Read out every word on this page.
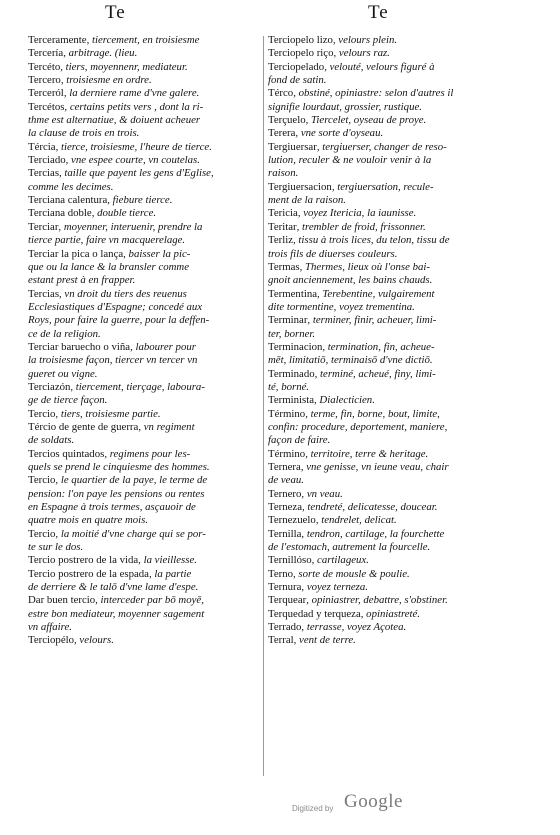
Te	Te
Terceramente, tiercement, en troisiesme
Tercería, arbitrage. (lieu.
Tercéto, tiers, moyennenr, mediateur.
Tercero, troisiesme en ordre.
Terceról, la derniere rame d'vne galere.
Tercétos, certains petits vers , dont la ri-
thme est alternatiue, & doiuent acheuer
la clause de trois en trois.
Tércia, tierce, troisiesme, l'heure de tierce.
Terciado, vne espee courte, vn coutelas.
Tercias, taille que payent les gens d'Eglise,
comme les decimes.
Terciana calentura, fiebure tierce.
Terciana doble, double tierce.
Terciar, moyenner, interuenir, prendre la
tierce partie, faire vn macquerelage.
Terciar la pica o lança, baisser la pic-
que ou la lance & la bransler comme
estant prest à en frapper.
Tercias, vn droit du tiers des reuenus
Ecclesiastiques d'Espagne; concedé aux
Roys, pour faire la guerre, pour la deffen-
ce de la religion.
Terciar baruecho o viña, labourer pour
la troisiesme façon, tiercer vn tercer vn
gueret ou vigne.
Terciazón, tiercement, tierçage, laboura-
ge de tierce façon.
Tercio, tiers, troisiesme partie.
Tércio de gente de guerra, vn regiment
de soldats.
Tercios quintados, regimens pour les-
quels se prend le cinquiesme des hommes.
Tercio, le quartier de la paye, le terme de
pension: l'on paye les pensions ou rentes
en Espagne à trois termes, asçauoir de
quatre mois en quatre mois.
Tercio, la moitié d'vne charge qui se por-
te sur le dos.
Tercio postrero de la vida, la vieillesse.
Tercio postrero de la espada, la partie
de derriere & le talō d'vne lame d'espe.
Dar buen tercio, interceder par bō moyē,
estre bon mediateur, moyenner sagement
vn affaire.
Terciopélo, velours.
Terciopelo lizo, velours plein.
Terciopelo riço, velours raz.
Terciopelado, velouté, velours figuré à
fond de satin.
Térco, obstiné, opiniastre: selon d'autres il
signifie lourdaut, grossier, rustique.
Terçuelo, Tiercelet, oyseau de proye.
Terera, vne sorte d'oyseau.
Tergiuersar, tergiuerser, changer de reso-
lution, reculer & ne vouloir venir à la
raison.
Tergiuersacion, tergiuersation, recule-
ment de la raison.
Tericia, voyez Itericia, la iaunisse.
Teritar, trembler de froid, frissonner.
Terliz, tissu à trois lices, du telon, tissu de
trois fils de diuerses couleurs.
Termas, Thermes, lieux où l'onse bai-
gnoit anciennement, les bains chauds.
Termentina, Terebentine, vulgairement
dite tormentine, voyez trementina.
Terminar, terminer, finir, acheuer, limi-
ter, borner.
Terminacion, termination, fin, acheue-
mēt, limitatiō, terminaisō d'vne dictiō.
Terminado, terminé, acheué, finy, limi-
té, borné.
Terminista, Dialecticien.
Término, terme, fin, borne, bout, limite,
confin: procedure, deportement, maniere,
façon de faire.
Término, territoire, terre & heritage.
Ternera, vne genisse, vn ieune veau, chair
de veau.
Ternero, vn veau.
Terneza, tendreté, delicatesse, doucear.
Ternezuelo, tendrelet, delicat.
Ternilla, tendron, cartilage, la fourchette
de l'estomach, autrement la fourcelle.
Ternillóso, cartilageux.
Terno, sorte de mousle & poulie.
Ternura, voyez terneza.
Terquear, opiniastrer, debattre, s'obstiner.
Terquedad y terqueza, opiniastreté.
Terrado, terrasse, voyez Açotea.
Terral, vent de terre.
Digitized by Google
